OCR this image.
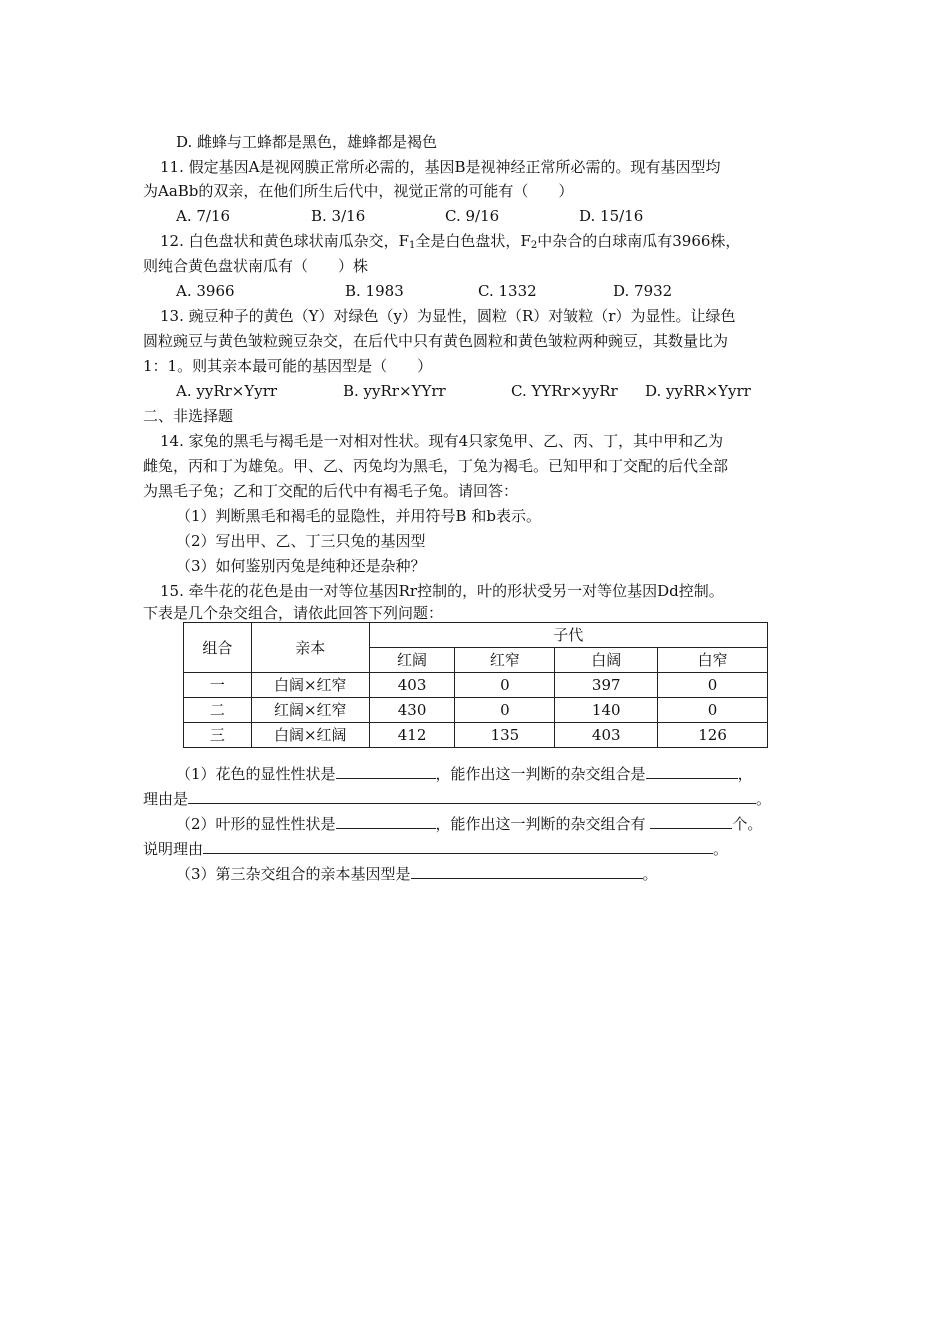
D. 雌蜂与工蜂都是黑色，雄蜂都是褐色
11. 假定基因A是视网膜正常所必需的，基因B是视神经正常所必需的。现有基因型均
为AaBb的双亲，在他们所生后代中，视觉正常的可能有（　　）
A. 7/16	B. 3/16	C. 9/16	D. 15/16
12. 白色盘状和黄色球状南瓜杂交，$F_1$全是白色盘状，$F_2$中杂合的白球南瓜有3966株，
则纯合黄色盘状南瓜有（　　）株
A. 3966	B. 1983	C. 1332	D. 7932
13. 豌豆种子的黄色（Y）对绿色（y）为显性，圆粒（R）对皱粒（r）为显性。让绿色
圆粒豌豆与黄色皱粒豌豆杂交，在后代中只有黄色圆粒和黄色皱粒两种豌豆，其数量比为
1：1。则其亲本最可能的基因型是（　　）
A. yyRr×Yyrr	B. yyRr×YYrr	C. YYRr×yyRr D. yyRR×Yyrr
二、非选择题
14. 家兔的黑毛与褐毛是一对相对性状。现有4只家兔甲、乙、丙、丁，其中甲和乙为
雌兔，丙和丁为雄兔。甲、乙、丙兔均为黑毛，丁兔为褐毛。已知甲和丁交配的后代全部
为黑毛子兔；乙和丁交配的后代中有褐毛子兔。请回答：
（1）判断黑毛和褐毛的显隐性，并用符号B 和b表示。
（2）写出甲、乙、丁三只兔的基因型
（3）如何鉴别丙兔是纯种还是杂种？
15. 牵牛花的花色是由一对等位基因Rr控制的，叶的形状受另一对等位基因Dd控制。
下表是几个杂交组合，请依此回答下列问题：
组合	亲本	子代			
		红阔	红窄	白阔	白窄
一	白阔×红窄	403	0	397	0
二	红阔×红窄	430	0	140	0
三	白阔×红阔	412	135	403	126
（1）花色的显性性状是	，能作出这一判断的杂交组合是	，
理由是	。
（2）叶形的显性性状是	，能作出这一判断的杂交组合有	个。
说明理由	。
（3）第三杂交组合的亲本基因型是	。
